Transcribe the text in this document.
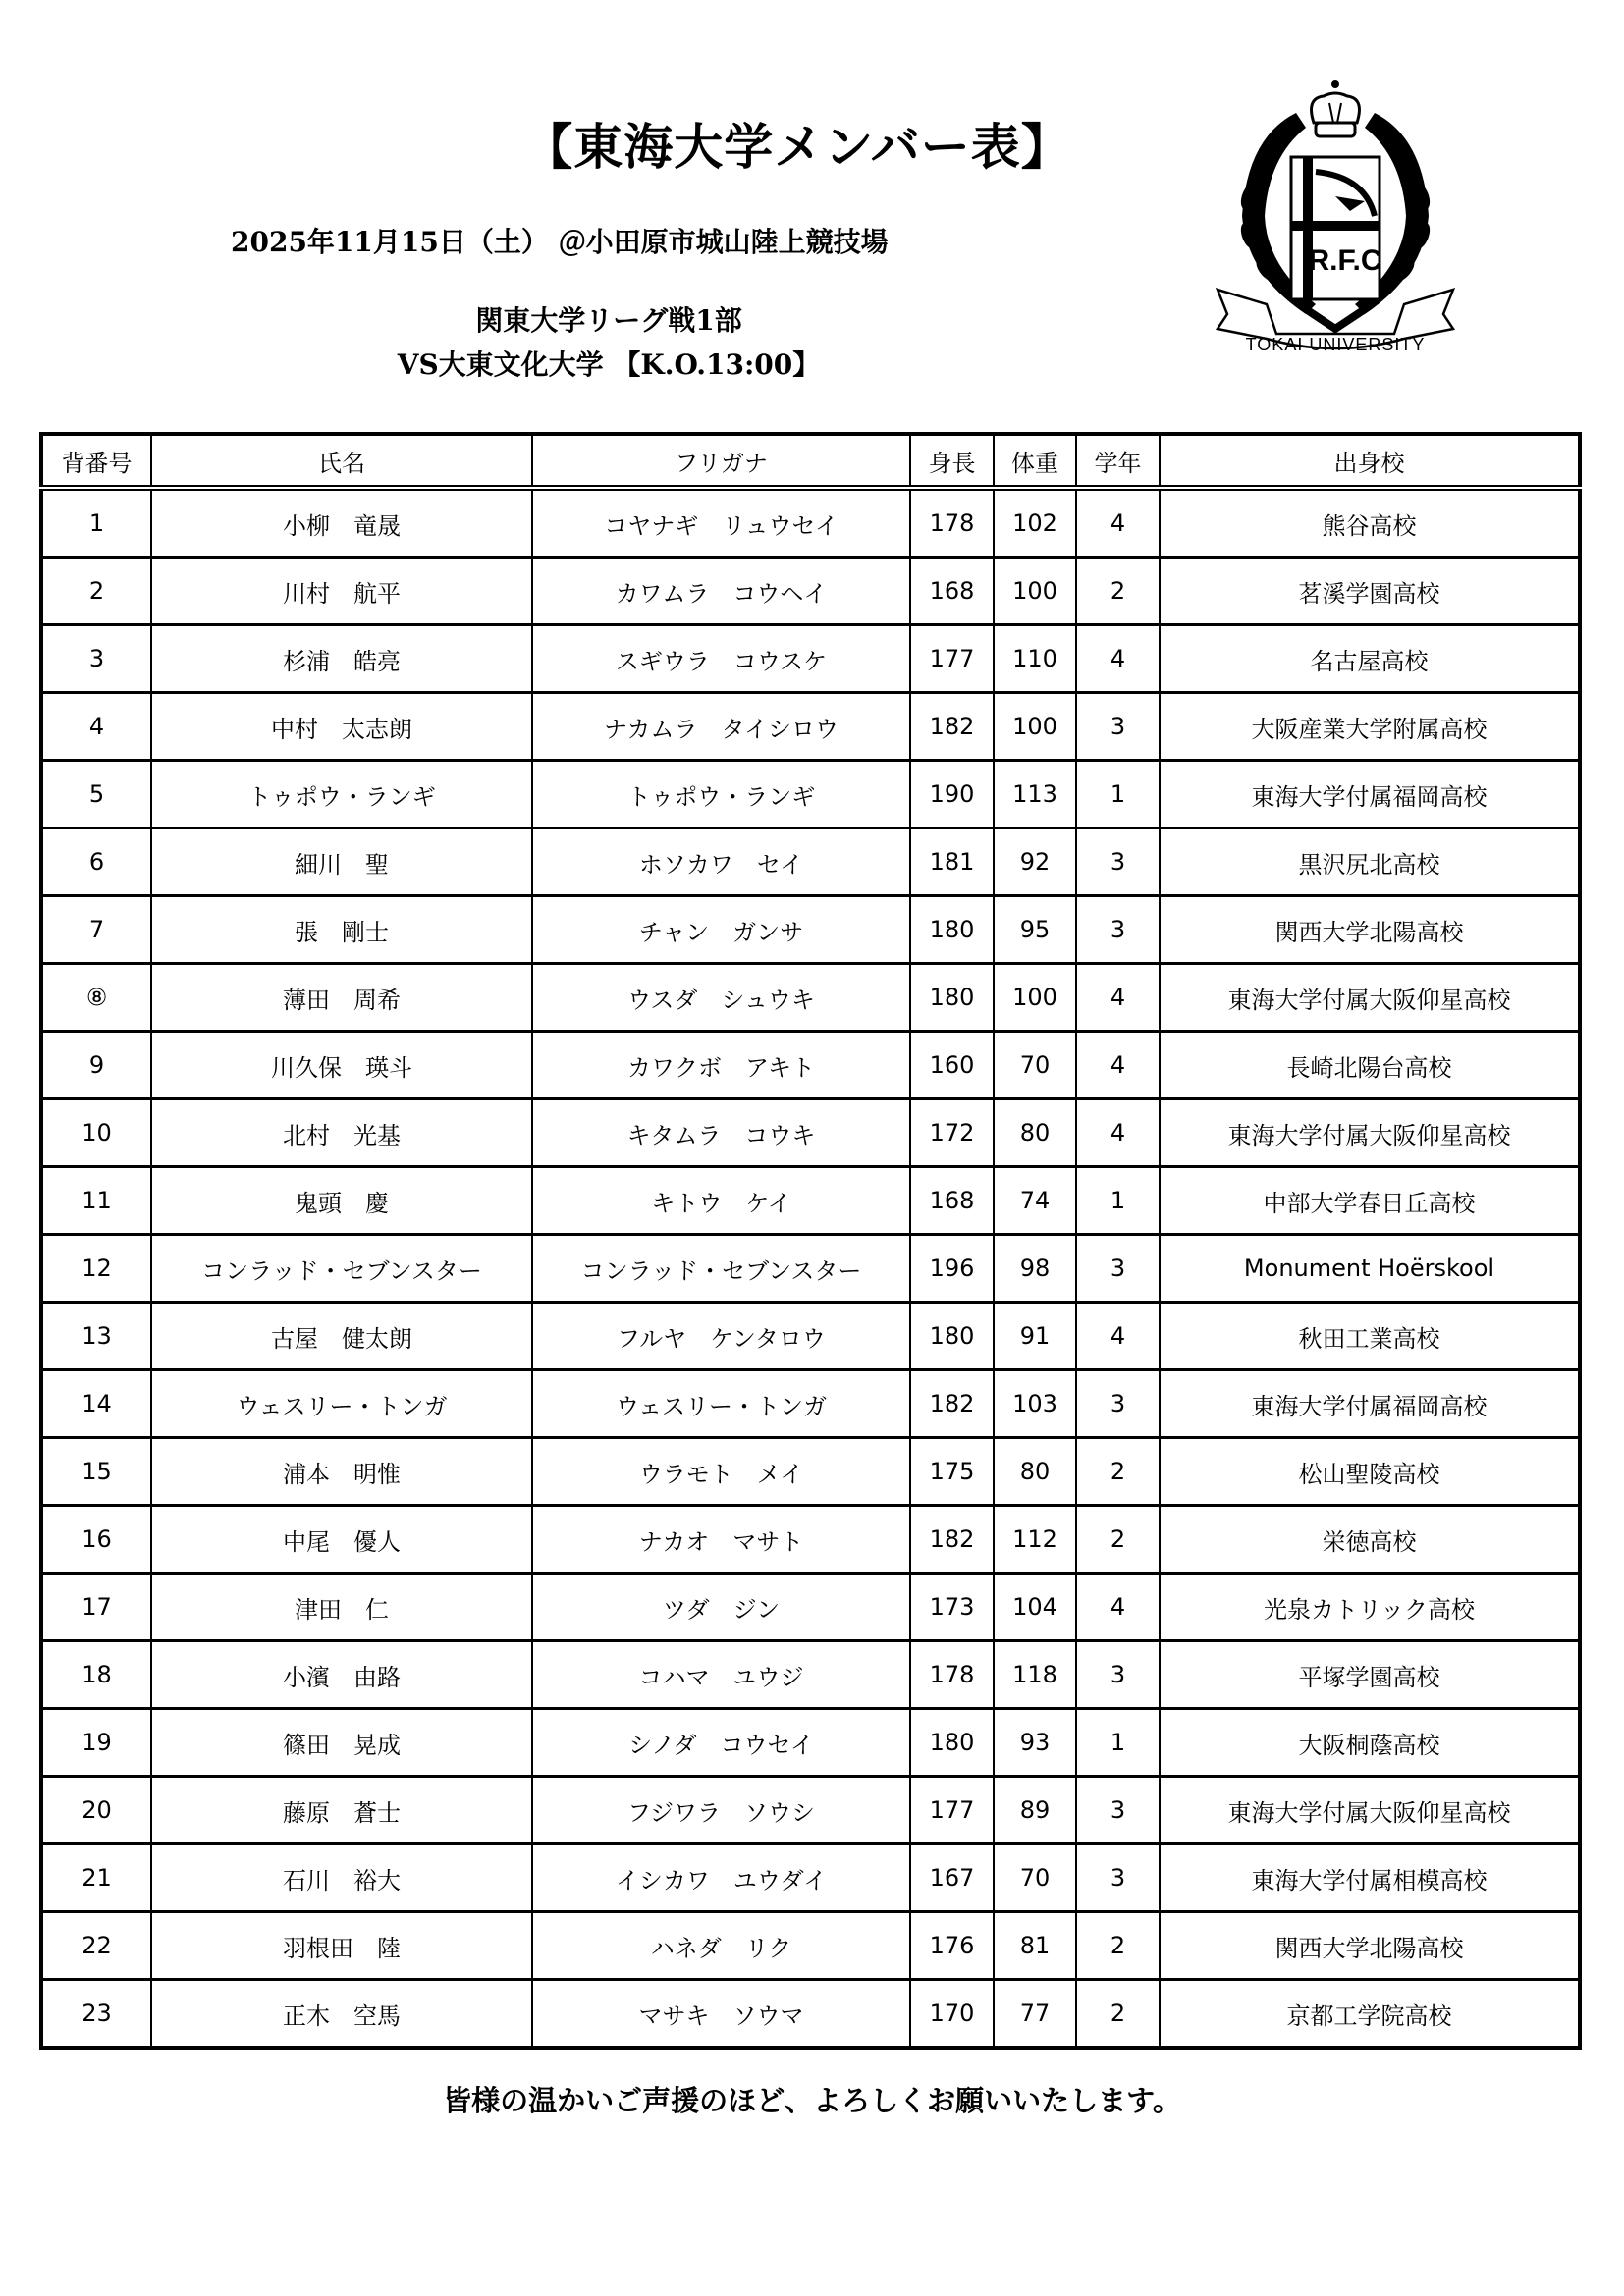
【東海大学メンバー表】
2025年11月15日（土） ＠小田原市城山陸上競技場
関東大学リーグ戦1部
VS大東文化大学 【K.O.13:00】
R.F.C
TOKAI UNIVERSITY
背番号	氏名	フリガナ	身長	体重	学年	出身校
1	小柳　竜晟	コヤナギ　リュウセイ	178	102	4	熊谷高校
2	川村　航平	カワムラ　コウヘイ	168	100	2	茗溪学園高校
3	杉浦　皓亮	スギウラ　コウスケ	177	110	4	名古屋高校
4	中村　太志朗	ナカムラ　タイシロウ	182	100	3	大阪産業大学附属高校
5	トゥポウ・ランギ	トゥポウ・ランギ	190	113	1	東海大学付属福岡高校
6	細川　聖	ホソカワ　セイ	181	92	3	黒沢尻北高校
7	張　剛士	チャン　ガンサ	180	95	3	関西大学北陽高校
⑧	薄田　周希	ウスダ　シュウキ	180	100	4	東海大学付属大阪仰星高校
9	川久保　瑛斗	カワクボ　アキト	160	70	4	長崎北陽台高校
10	北村　光基	キタムラ　コウキ	172	80	4	東海大学付属大阪仰星高校
11	鬼頭　慶	キトウ　ケイ	168	74	1	中部大学春日丘高校
12	コンラッド・セブンスター	コンラッド・セブンスター	196	98	3	Monument Hoërskool
13	古屋　健太朗	フルヤ　ケンタロウ	180	91	4	秋田工業高校
14	ウェスリー・トンガ	ウェスリー・トンガ	182	103	3	東海大学付属福岡高校
15	浦本　明惟	ウラモト　メイ	175	80	2	松山聖陵高校
16	中尾　優人	ナカオ　マサト	182	112	2	栄徳高校
17	津田　仁	ツダ　ジン	173	104	4	光泉カトリック高校
18	小濱　由路	コハマ　ユウジ	178	118	3	平塚学園高校
19	篠田　晃成	シノダ　コウセイ	180	93	1	大阪桐蔭高校
20	藤原　蒼士	フジワラ　ソウシ	177	89	3	東海大学付属大阪仰星高校
21	石川　裕大	イシカワ　ユウダイ	167	70	3	東海大学付属相模高校
22	羽根田　陸	ハネダ　リク	176	81	2	関西大学北陽高校
23	正木　空馬	マサキ　ソウマ	170	77	2	京都工学院高校
皆様の温かいご声援のほど、よろしくお願いいたします。
